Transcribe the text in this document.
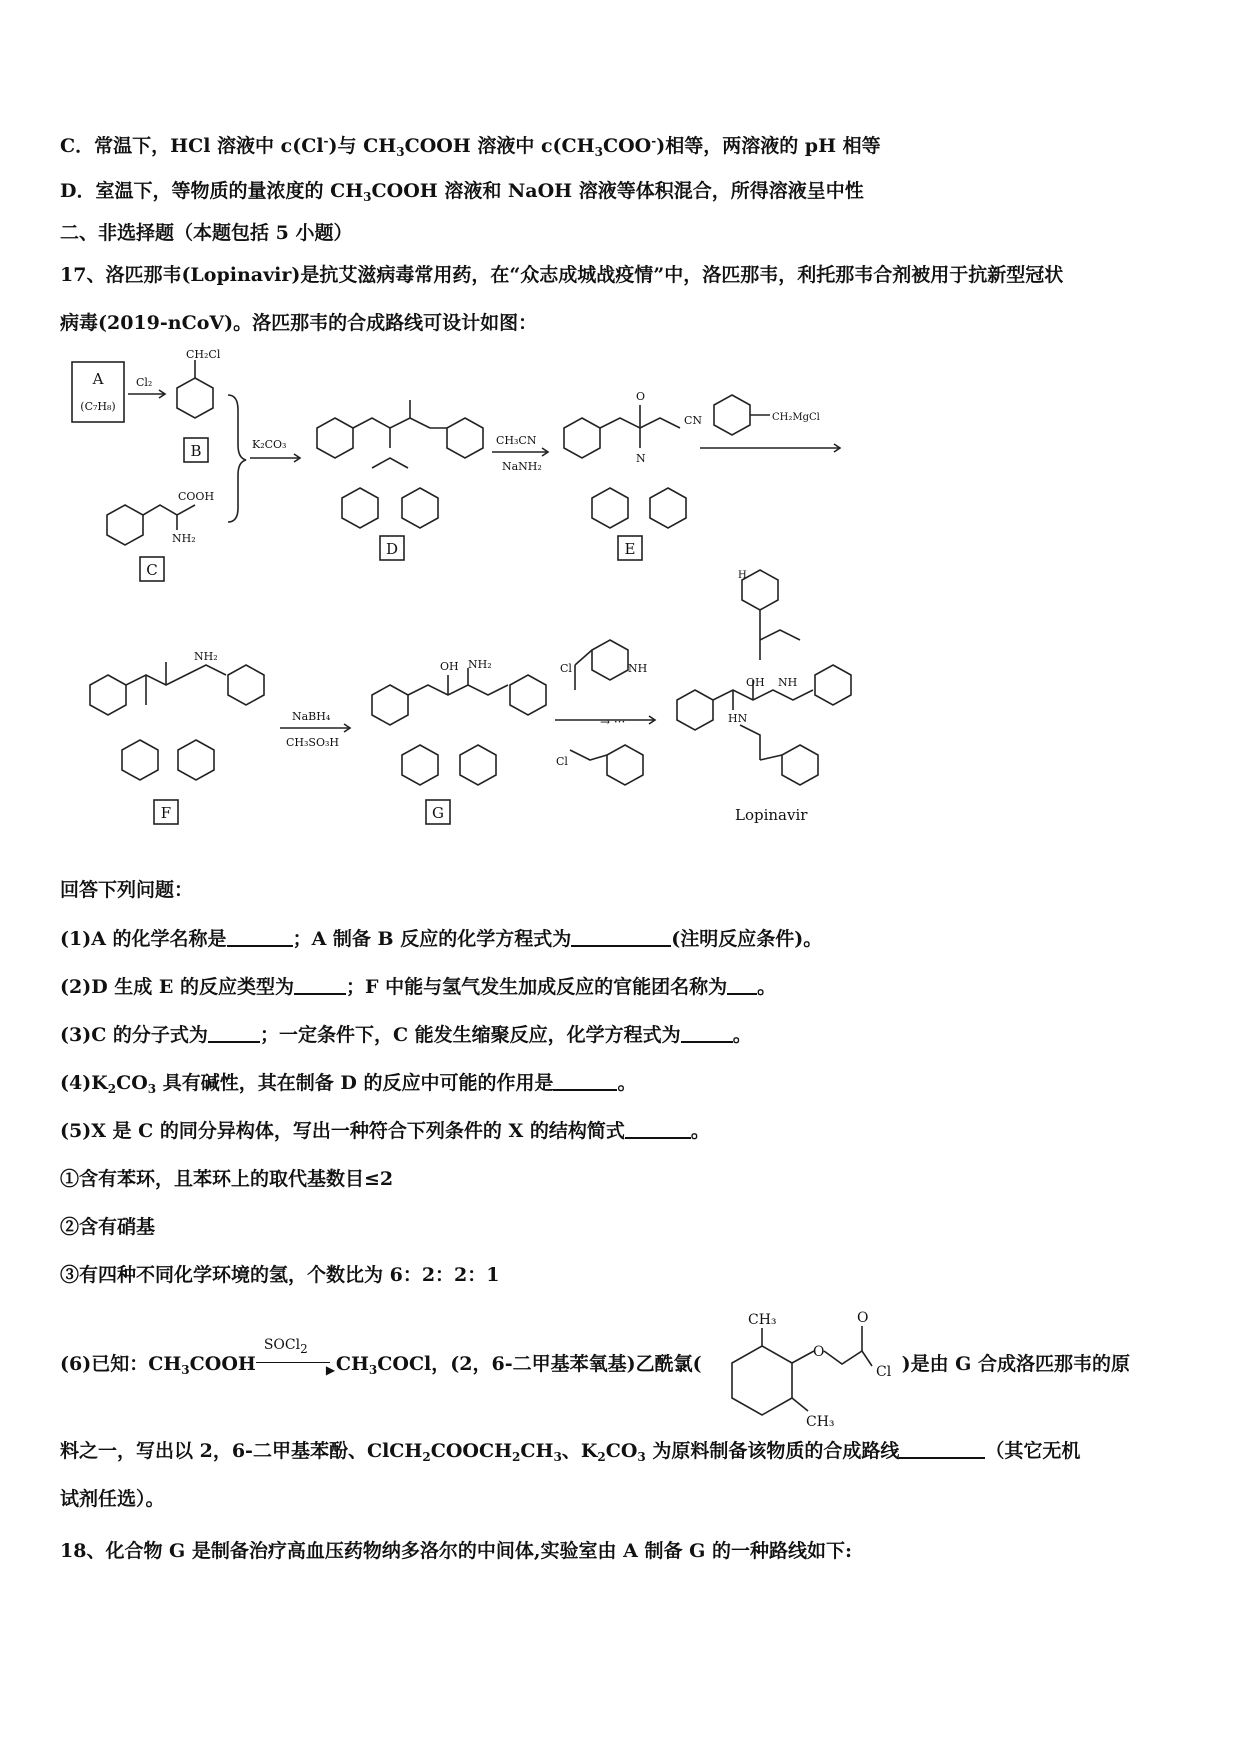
C．常温下，HCl 溶液中 c(Cl-)与 $CH_3COOH$ 溶液中 $c(CH_3COO^-)$相等，两溶液的 pH 相等
D．室温下，等物质的量浓度的 $CH_3COOH$ 溶液和 NaOH 溶液等体积混合，所得溶液呈中性
二、非选择题（本题包括 5 小题）
17、洛匹那韦(Lopinavir)是抗艾滋病毒常用药，在“众志成城战疫情”中，洛匹那韦，利托那韦合剂被用于抗新型冠状
病毒(2019-nCoV)。洛匹那韦的合成路线可设计如图：
A
(C₇H₈)
Cl₂
CH₂Cl
B
COOH
NH₂
C
K₂CO₃
D
CH₃CN
NaNH₂
O
CN
N
E
CH₂MgCl
NH₂
F
NaBH₄
CH₃SO₃H
OH NH₂
G
Cl	NH
→ ···
Cl
H
OH NH
HN
Lopinavir
回答下列问题：
(1)A 的化学名称是	；A 制备 B 反应的化学方程式为	(注明反应条件)。
(2)D 生成 E 的反应类型为	；F 中能与氢气发生加成反应的官能团名称为 。
(3)C 的分子式为	；一定条件下，C 能发生缩聚反应，化学方程式为	。
$(4)K_2CO_3$ 具有碱性，其在制备 D 的反应中可能的作用是	。
(5)X 是 C 的同分异构体，写出一种符合下列条件的 X 的结构简式	。
①含有苯环，且苯环上的取代基数目≤2
②含有硝基
③有四种不同化学环境的氢，个数比为 6：2：2：1
(6)已知：$CH_3COOH$
SOCl2
▶ $CH_3COCl$，(2，6-二甲基苯氧基)乙酰氯(	)是由 G 合成洛匹那韦的原
CH₃
O
O
Cl
CH₃
料之一，写出以 2，6-二甲基苯酚、$ClCH_2COOCH_2CH_3$、$K_2CO_3$ 为原料制备该物质的合成路线	（其它无机
试剂任选）。
18、化合物 G 是制备治疗高血压药物纳多洛尔的中间体,实验室由 A 制备 G 的一种路线如下:
